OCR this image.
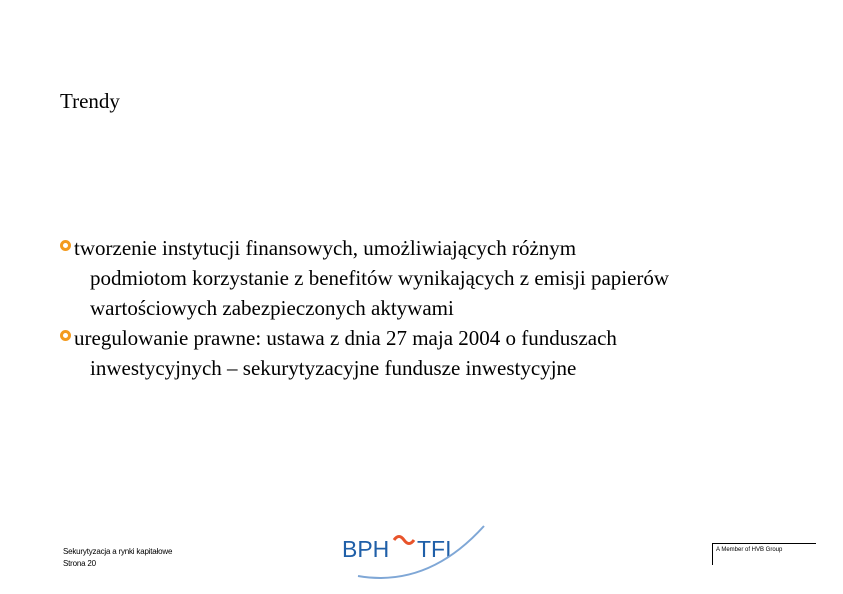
Trendy
tworzenie instytucji finansowych, umożliwiających różnym
podmiotom korzystanie z benefitów wynikających z emisji papierów wartościowych zabezpieczonych aktywami
uregulowanie prawne: ustawa z dnia 27 maja 2004 o funduszach
inwestycyjnych – sekurytyzacyjne fundusze inwestycyjne
Sekurytyzacja a rynki kapitałowe
Strona 20
BPH TFI	A Member of HVB Group
